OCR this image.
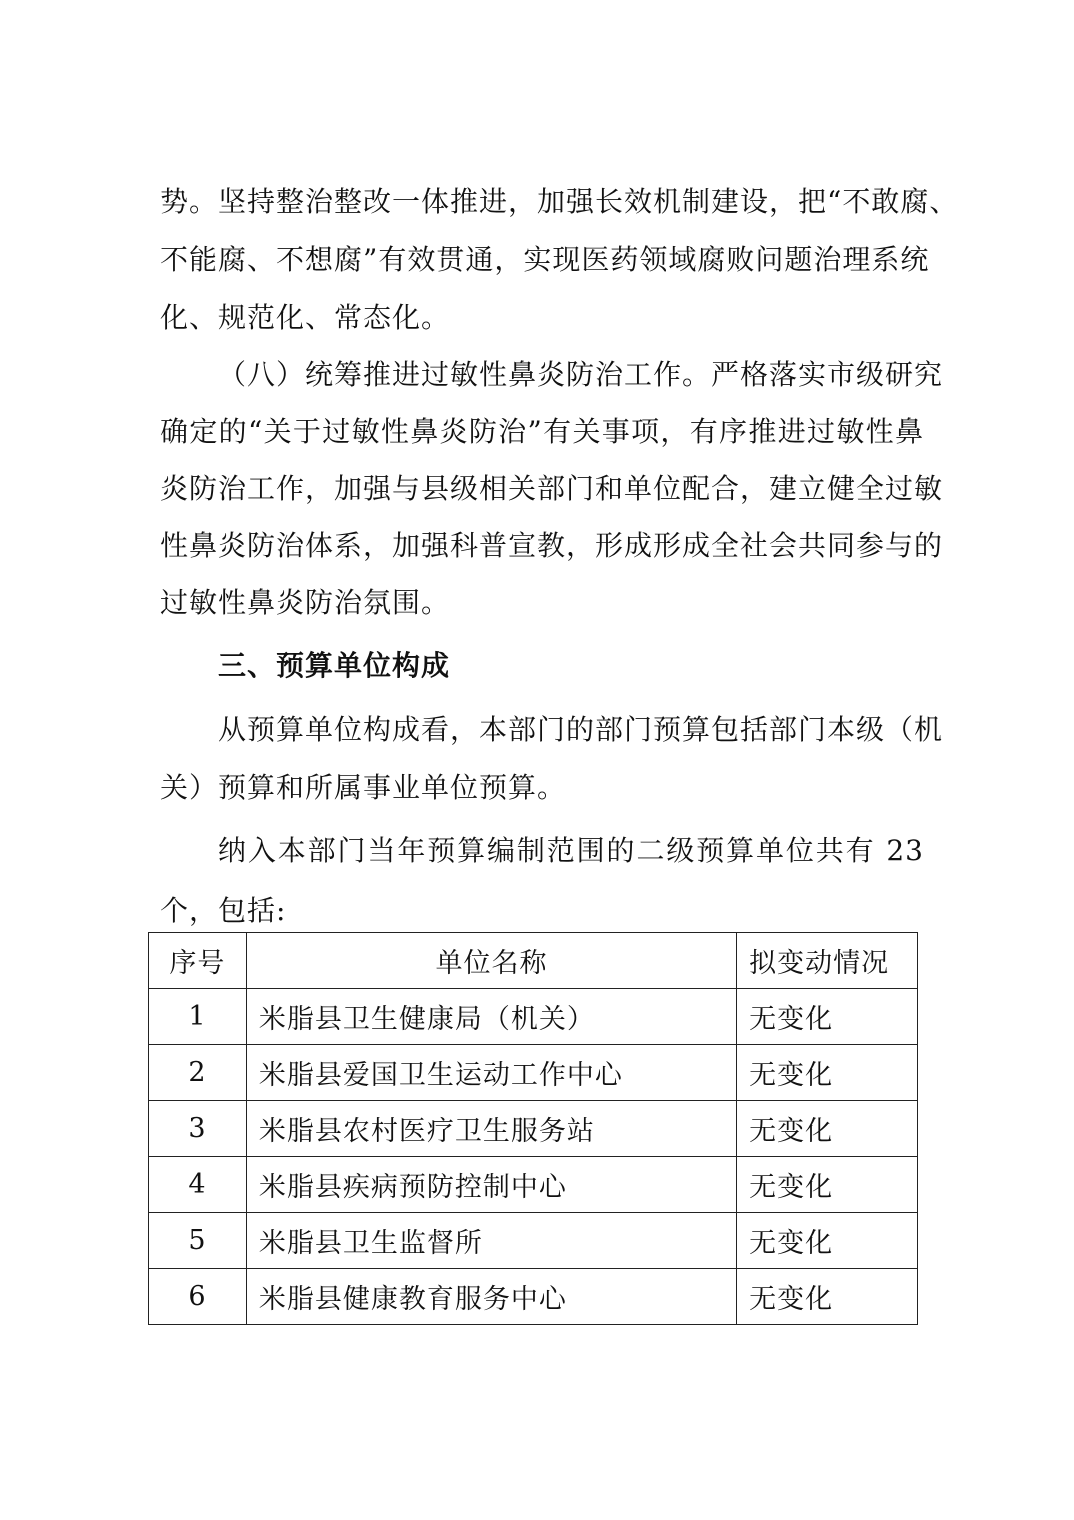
势。坚持整治整改一体推进，加强长效机制建设，把“不敢腐、
不能腐、不想腐”有效贯通，实现医药领域腐败问题治理系统
化、规范化、常态化。
（八）统筹推进过敏性鼻炎防治工作。严格落实市级研究
确定的“关于过敏性鼻炎防治”有关事项，有序推进过敏性鼻
炎防治工作，加强与县级相关部门和单位配合，建立健全过敏
性鼻炎防治体系，加强科普宣教，形成形成全社会共同参与的
过敏性鼻炎防治氛围。
三、预算单位构成
从预算单位构成看，本部门的部门预算包括部门本级（机
关）预算和所属事业单位预算。
纳入本部门当年预算编制范围的二级预算单位共有 23
个，包括:
序号	单位名称	拟变动情况
1	米脂县卫生健康局（机关）	无变化
2	米脂县爱国卫生运动工作中心	无变化
3	米脂县农村医疗卫生服务站	无变化
4	米脂县疾病预防控制中心	无变化
5	米脂县卫生监督所	无变化
6	米脂县健康教育服务中心	无变化
